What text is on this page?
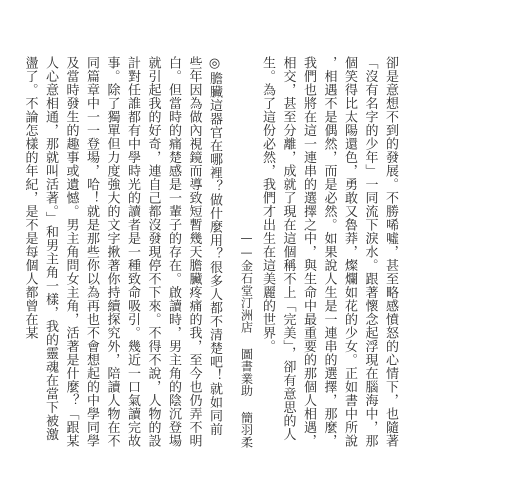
卻是意想不到的發展。不勝唏噓，甚至略感憤怒的心情下，也隨著「沒有名字的少年」一同流下淚水。跟著懷念起浮現在腦海中，那個笑得比太陽還色，勇敢又魯莽，燦爛如花的少女。正如書中所說，相遇不是偶然，而是必然。如果說人生是一連串的選擇，那麼，我們也將在這一連串的選擇之中，與生命中最重要的那個人相遇，相交，甚至分離，成就了現在這個稱不上「完美」，卻有意思的人生。為了這份必然，我們才出生在這美麗的世界。

——金石堂汀洲店 圖書業助 簡羽柔

◎膽臟這器官在哪裡？做什麼用？很多人都不清楚吧！就如同前些年因為做內視鏡而導致短暫幾天膽臟疼痛的我，至今也仍弄不明白。但當時的痛楚感是一輩子的存在。啟讀時，男主角的陰沉登場就引起我的好奇，連自己都沒發現停不下來。不得不說，人物的設計對任誰都有中學時光的讀者是一種致命吸引。幾近一口氣讀完故事。除了獨單但力度強大的文字揪著你持續探究外，陪讀人物在不同篇章中一一登場，哈！就是那些你以為再也不會想起的中學同學及當時發生的趣事或遺憾。男主角問女主角，活著是什麼？「跟某人心意相通，那就叫活著。」和男主角一樣，我的靈魂在當下被激盪了。不論怎樣的年紀，是不是每個人都曾在某
